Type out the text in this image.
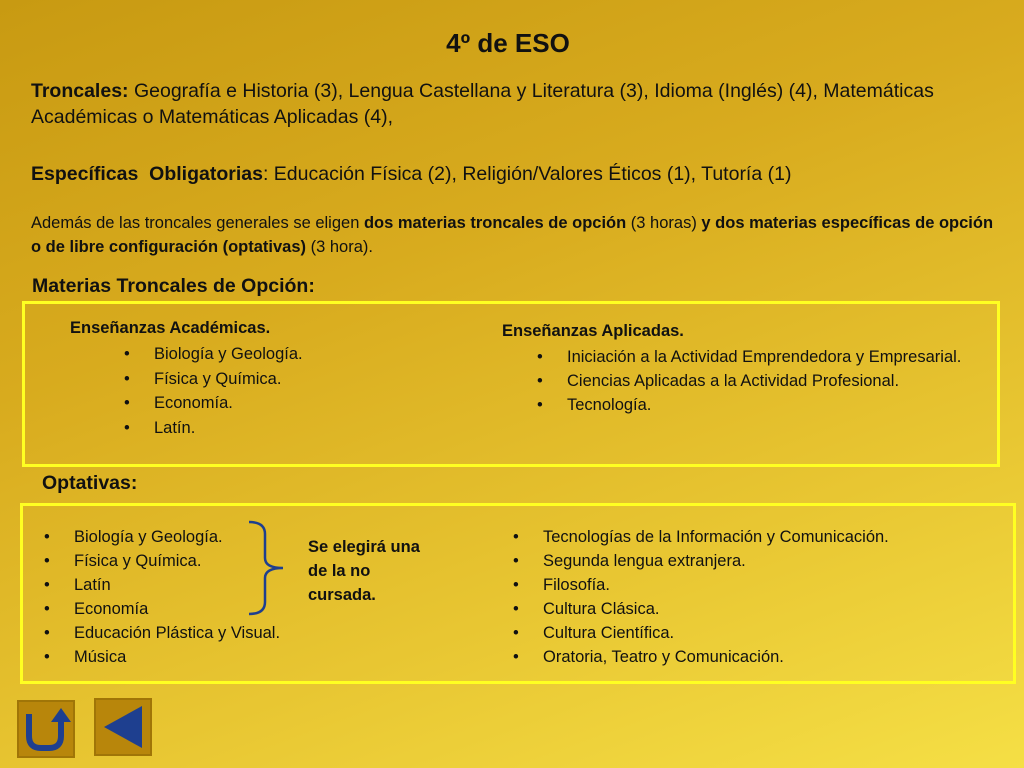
4º de ESO

Troncales: Geografía e Historia (3), Lengua Castellana y Literatura (3), Idioma (Inglés) (4), Matemáticas Académicas o Matemáticas Aplicadas (4),

Específicas  Obligatorias: Educación Física (2), Religión/Valores Éticos (1), Tutoría (1)

Además de las troncales generales se eligen dos materias troncales de opción (3 horas) y dos materias específicas de opción o de libre configuración (optativas) (3 hora).

Materias Troncales de Opción:
Enseñanzas Académicas.
• Biología y Geología.
• Física y Química.
• Economía.
• Latín.
Enseñanzas Aplicadas.
• Iniciación a la Actividad Emprendedora y Empresarial.
• Ciencias Aplicadas a la Actividad Profesional.
• Tecnología.
Optativas:
• Biología y Geología.
• Física y Química.
• Latín
• Economía
• Educación Plástica y Visual.
• Música
Se elegirá una de la no cursada.
• Tecnologías de la Información y Comunicación.
• Segunda lengua extranjera.
• Filosofía.
• Cultura Clásica.
• Cultura Científica.
• Oratoria, Teatro y Comunicación.
